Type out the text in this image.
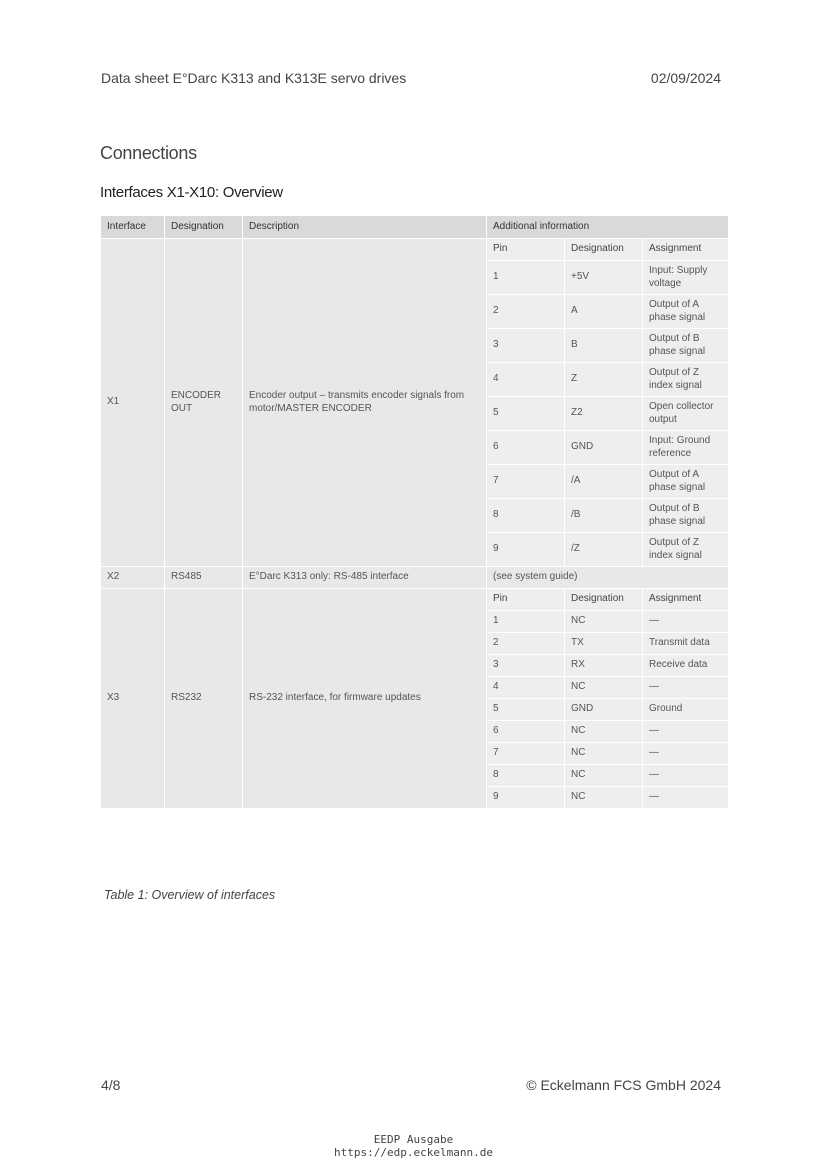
Data sheet E°Darc K313 and K313E servo drives	02/09/2024
Connections
Interfaces X1-X10: Overview
Interface	Designation	Description	Additional information		
X1	ENCODER OUT	Encoder output – transmits encoder signals from motor/MASTER ENCODER	Pin	Designation	Assignment
			1	+5V	Input: Supply voltage
			2	A	Output of A phase signal
			3	B	Output of B phase signal
			4	Z	Output of Z index signal
			5	Z2	Open collector output
			6	GND	Input: Ground reference
			7	/A	Output of A phase signal
			8	/B	Output of B phase signal
			9	/Z	Output of Z index signal
X2	RS485	E°Darc K313 only: RS-485 interface	(see system guide)		
X3	RS232	RS-232 interface, for firmware updates	Pin	Designation	Assignment
			1	NC	—
			2	TX	Transmit data
			3	RX	Receive data
			4	NC	—
			5	GND	Ground
			6	NC	—
			7	NC	—
			8	NC	—
			9	NC	—
Table 1: Overview of interfaces
4/8	© Eckelmann FCS GmbH 2024
EEDP Ausgabe
https://edp.eckelmann.de
